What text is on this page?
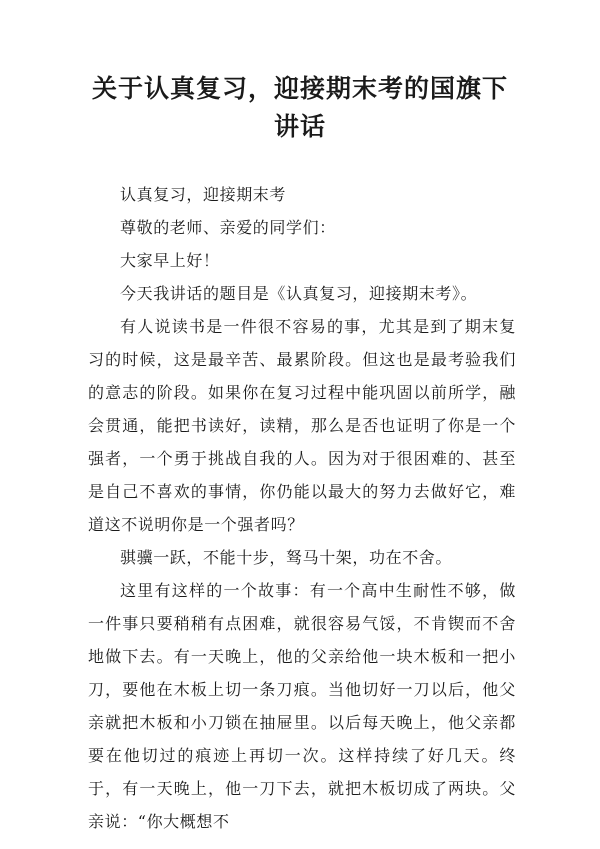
关于认真复习，迎接期末考的国旗下讲话

认真复习，迎接期末考

尊敬的老师、亲爱的同学们：

大家早上好！

今天我讲话的题目是《认真复习，迎接期末考》。

有人说读书是一件很不容易的事，尤其是到了期末复习的时候，这是最辛苦、最累阶段。但这也是最考验我们的意志的阶段。如果你在复习过程中能巩固以前所学，融会贯通，能把书读好，读精，那么是否也证明了你是一个强者，一个勇于挑战自我的人。因为对于很困难的、甚至是自己不喜欢的事情，你仍能以最大的努力去做好它，难道这不说明你是一个强者吗？

骐骥一跃，不能十步，驽马十架，功在不舍。

这里有这样的一个故事：有一个高中生耐性不够，做一件事只要稍稍有点困难，就很容易气馁，不肯锲而不舍地做下去。有一天晚上，他的父亲给他一块木板和一把小刀，要他在木板上切一条刀痕。当他切好一刀以后，他父亲就把木板和小刀锁在抽屉里。以后每天晚上，他父亲都要在他切过的痕迹上再切一次。这样持续了好几天。终于，有一天晚上，他一刀下去，就把木板切成了两块。父亲说：“你大概想不
